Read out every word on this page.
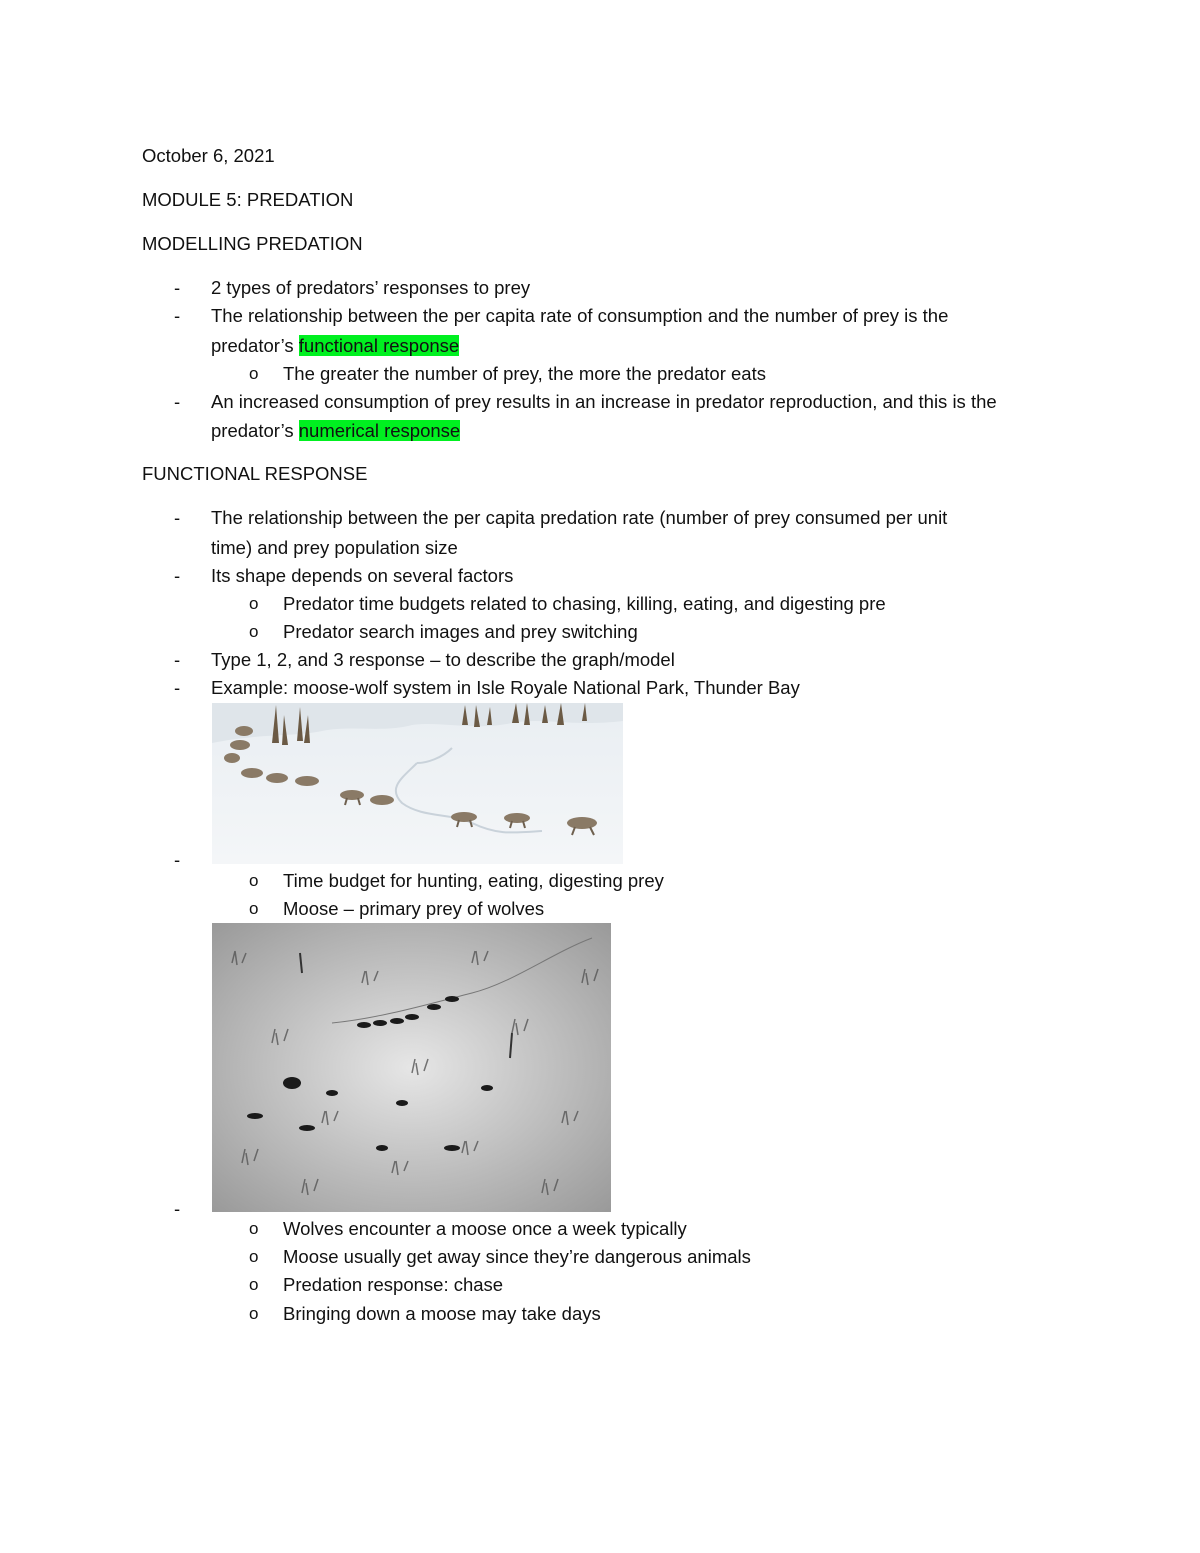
October 6, 2021
MODULE 5: PREDATION
MODELLING PREDATION
- 2 types of predators’ responses to prey
- The relationship between the per capita rate of consumption and the number of prey is the
predator’s functional response
o The greater the number of prey, the more the predator eats
- An increased consumption of prey results in an increase in predator reproduction, and this is the
predator’s numerical response
FUNCTIONAL RESPONSE
- The relationship between the per capita predation rate (number of prey consumed per unit
time) and prey population size
- Its shape depends on several factors
o Predator time budgets related to chasing, killing, eating, and digesting pre
o Predator search images and prey switching
- Type 1, 2, and 3 response – to describe the graph/model
- Example: moose-wolf system in Isle Royale National Park, Thunder Bay
-
o Time budget for hunting, eating, digesting prey
o Moose – primary prey of wolves
-
o Wolves encounter a moose once a week typically
o Moose usually get away since they’re dangerous animals
o Predation response: chase
o Bringing down a moose may take days
